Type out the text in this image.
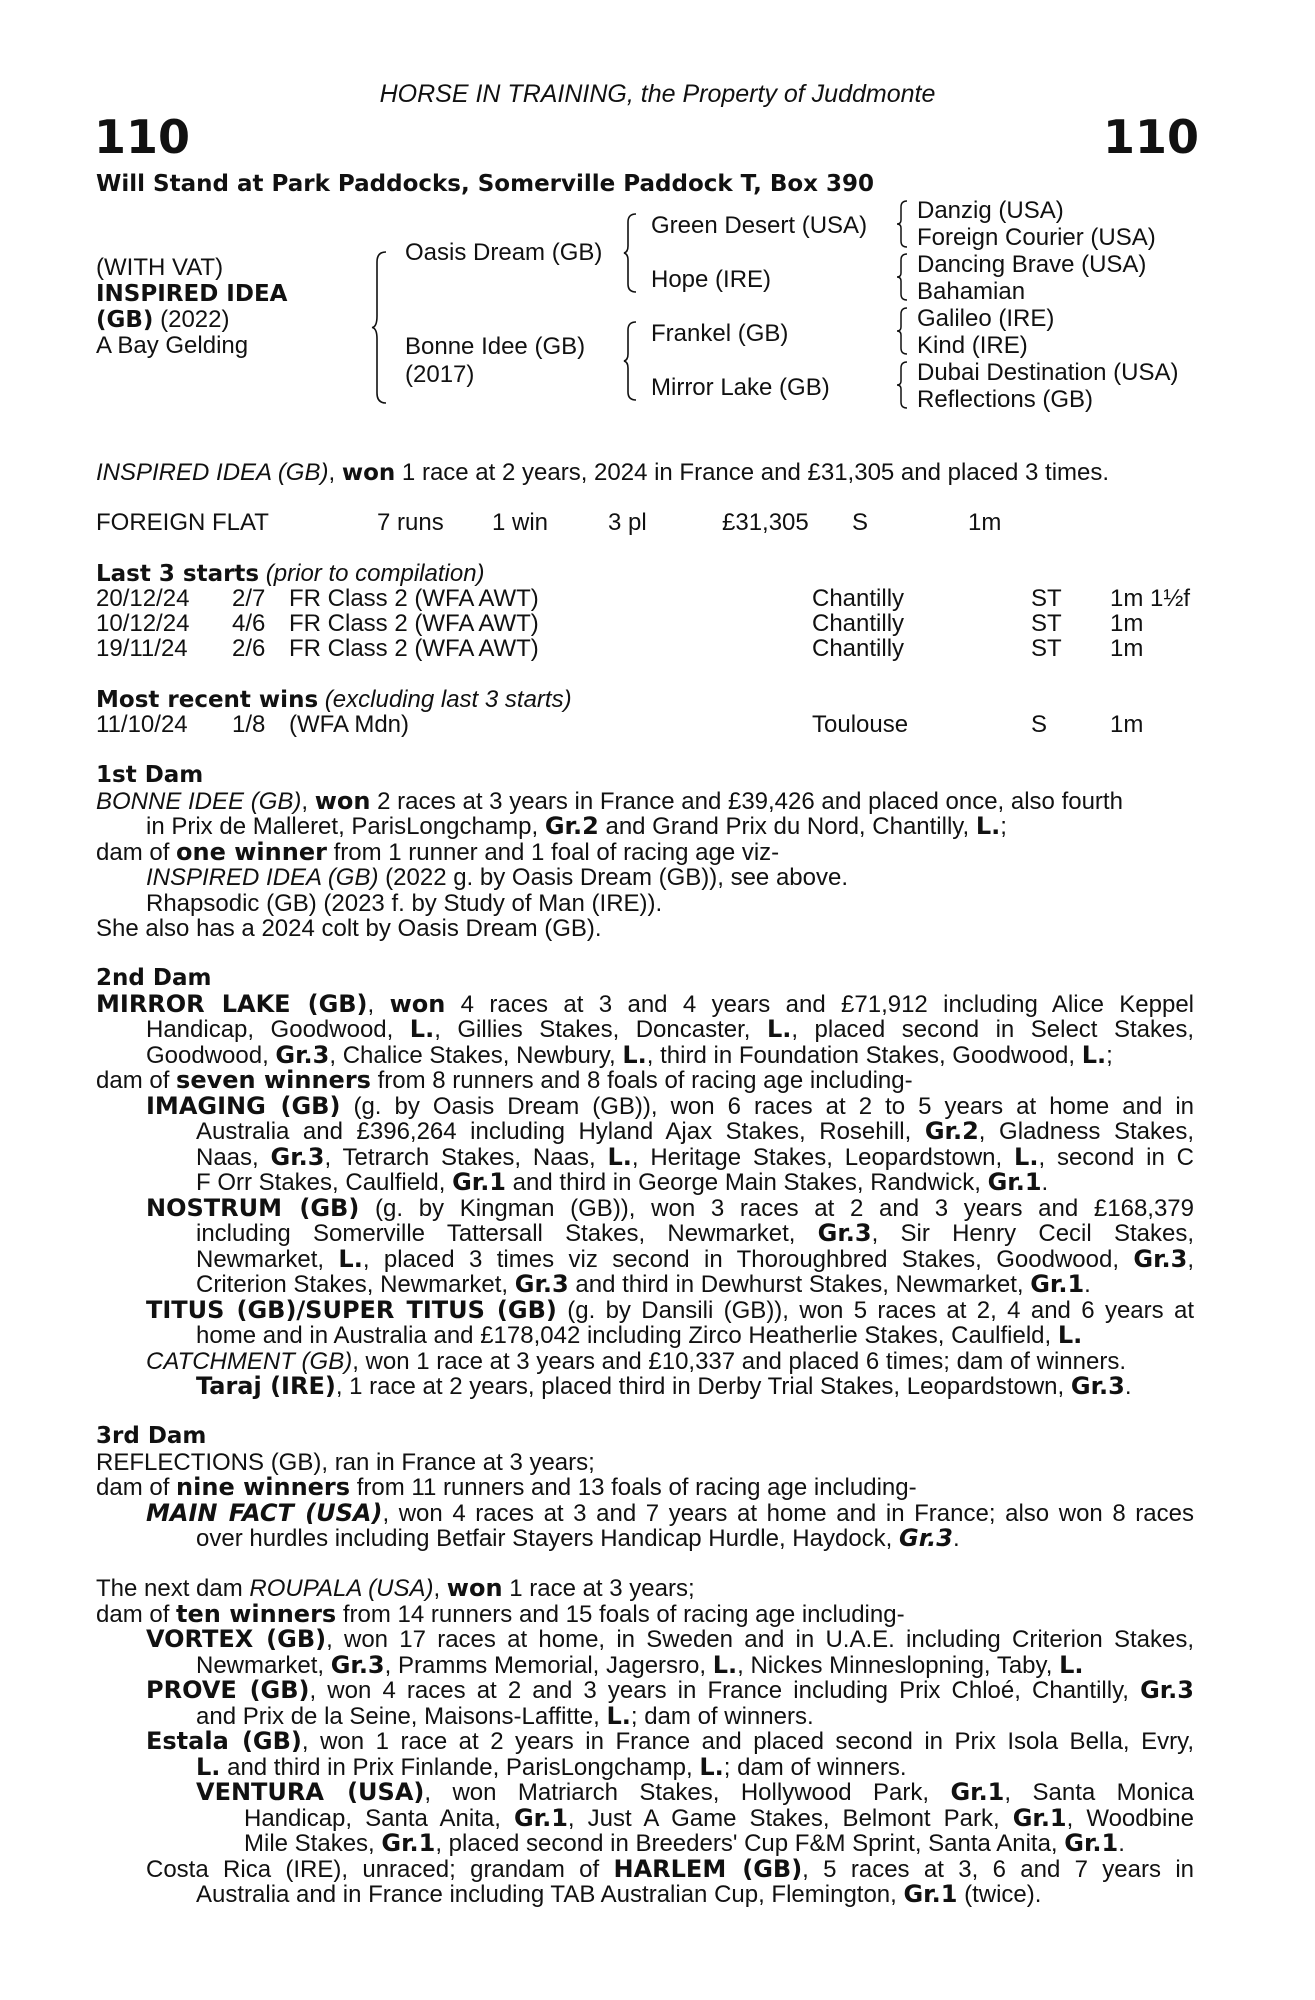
HORSE IN TRAINING, the Property of Juddmonte
110	110
Will Stand at Park Paddocks, Somerville Paddock T, Box 390
(WITH VAT)
INSPIRED IDEA
(GB) (2022)
A Bay Gelding
Oasis Dream (GB)
Bonne Idee (GB)
(2017)
Green Desert (USA)
Hope (IRE)
Frankel (GB)
Mirror Lake (GB)
Danzig (USA)
Foreign Courier (USA)
Dancing Brave (USA)
Bahamian
Galileo (IRE)
Kind (IRE)
Dubai Destination (USA)
Reflections (GB)
INSPIRED IDEA (GB), won 1 race at 2 years, 2024 in France and £31,305 and placed 3 times.
FOREIGN FLAT	7 runs 1 win 3 pl	£31,305 S	1m
Last 3 starts (prior to compilation)
20/12/24 2/7 FR Class 2 (WFA AWT)	Chantilly	ST 1m 1½f
10/12/24 4/6 FR Class 2 (WFA AWT)	Chantilly	ST 1m
19/11/24 2/6 FR Class 2 (WFA AWT)	Chantilly	ST 1m
Most recent wins (excluding last 3 starts)
11/10/24 1/8 (WFA Mdn)	Toulouse	S	1m
1st Dam
BONNE IDEE (GB), won 2 races at 3 years in France and £39,426 and placed once, also fourth
in Prix de Malleret, ParisLongchamp, Gr.2 and Grand Prix du Nord, Chantilly, L.;
dam of one winner from 1 runner and 1 foal of racing age viz-
INSPIRED IDEA (GB) (2022 g. by Oasis Dream (GB)), see above.
Rhapsodic (GB) (2023 f. by Study of Man (IRE)).
She also has a 2024 colt by Oasis Dream (GB).
2nd Dam
MIRROR LAKE (GB), won 4 races at 3 and 4 years and £71,912 including Alice Keppel
Handicap, Goodwood, L., Gillies Stakes, Doncaster, L., placed second in Select Stakes,
Goodwood, Gr.3, Chalice Stakes, Newbury, L., third in Foundation Stakes, Goodwood, L.;
dam of seven winners from 8 runners and 8 foals of racing age including-
IMAGING (GB) (g. by Oasis Dream (GB)), won 6 races at 2 to 5 years at home and in
Australia and £396,264 including Hyland Ajax Stakes, Rosehill, Gr.2, Gladness Stakes,
Naas, Gr.3, Tetrarch Stakes, Naas, L., Heritage Stakes, Leopardstown, L., second in C
F Orr Stakes, Caulfield, Gr.1 and third in George Main Stakes, Randwick, Gr.1.
NOSTRUM (GB) (g. by Kingman (GB)), won 3 races at 2 and 3 years and £168,379
including Somerville Tattersall Stakes, Newmarket, Gr.3, Sir Henry Cecil Stakes,
Newmarket, L., placed 3 times viz second in Thoroughbred Stakes, Goodwood, Gr.3,
Criterion Stakes, Newmarket, Gr.3 and third in Dewhurst Stakes, Newmarket, Gr.1.
TITUS (GB)/SUPER TITUS (GB) (g. by Dansili (GB)), won 5 races at 2, 4 and 6 years at
home and in Australia and £178,042 including Zirco Heatherlie Stakes, Caulfield, L.
CATCHMENT (GB), won 1 race at 3 years and £10,337 and placed 6 times; dam of winners.
Taraj (IRE), 1 race at 2 years, placed third in Derby Trial Stakes, Leopardstown, Gr.3.
3rd Dam
REFLECTIONS (GB), ran in France at 3 years;
dam of nine winners from 11 runners and 13 foals of racing age including-
MAIN FACT (USA), won 4 races at 3 and 7 years at home and in France; also won 8 races
over hurdles including Betfair Stayers Handicap Hurdle, Haydock, Gr.3.
The next dam ROUPALA (USA), won 1 race at 3 years;
dam of ten winners from 14 runners and 15 foals of racing age including-
VORTEX (GB), won 17 races at home, in Sweden and in U.A.E. including Criterion Stakes,
Newmarket, Gr.3, Pramms Memorial, Jagersro, L., Nickes Minneslopning, Taby, L.
PROVE (GB), won 4 races at 2 and 3 years in France including Prix Chloé, Chantilly, Gr.3
and Prix de la Seine, Maisons-Laffitte, L.; dam of winners.
Estala (GB), won 1 race at 2 years in France and placed second in Prix Isola Bella, Evry,
L. and third in Prix Finlande, ParisLongchamp, L.; dam of winners.
VENTURA (USA), won Matriarch Stakes, Hollywood Park, Gr.1, Santa Monica
Handicap, Santa Anita, Gr.1, Just A Game Stakes, Belmont Park, Gr.1, Woodbine
Mile Stakes, Gr.1, placed second in Breeders' Cup F&M Sprint, Santa Anita, Gr.1.
Costa Rica (IRE), unraced; grandam of HARLEM (GB), 5 races at 3, 6 and 7 years in
Australia and in France including TAB Australian Cup, Flemington, Gr.1 (twice).
